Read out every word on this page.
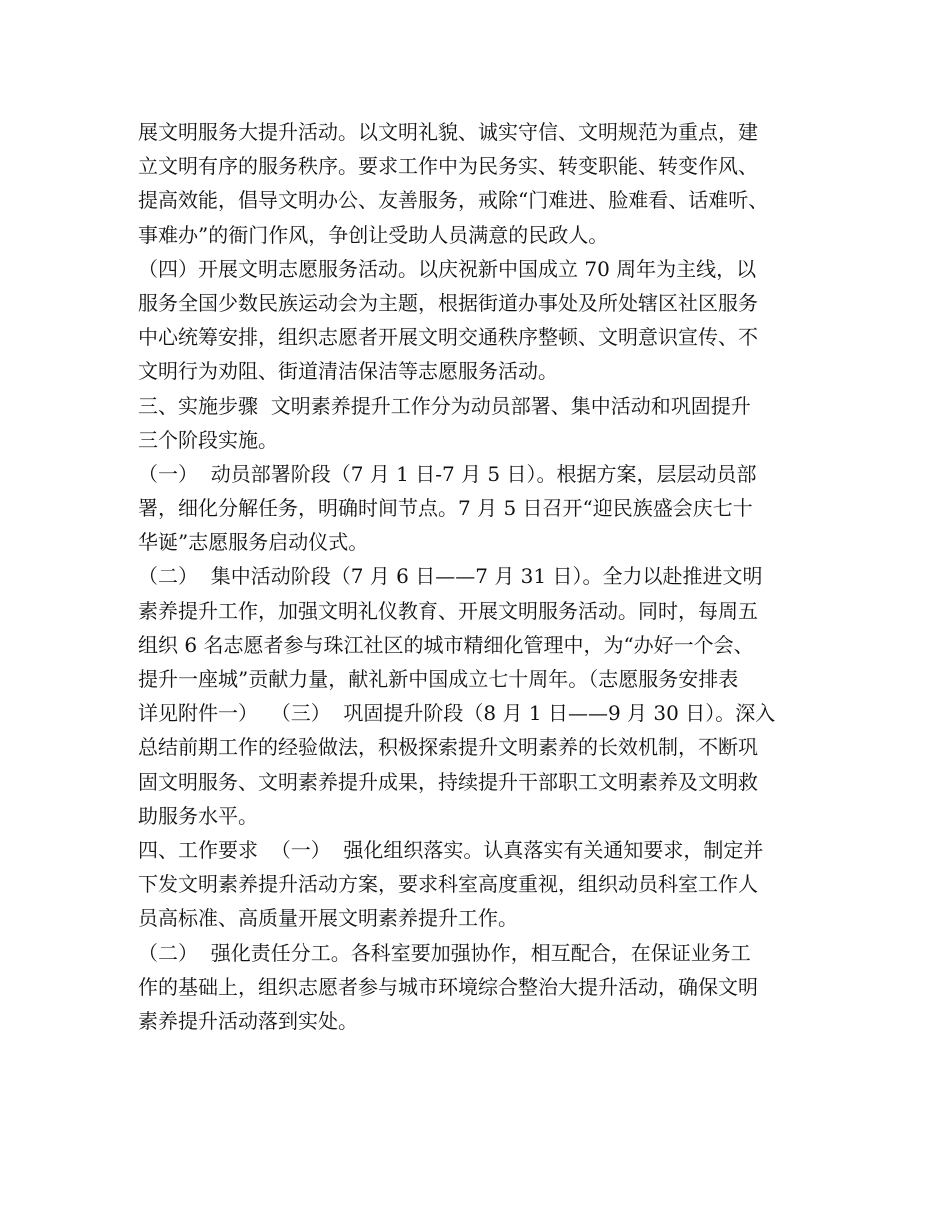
展文明服务大提升活动。以文明礼貌、诚实守信、文明规范为重点，建
立文明有序的服务秩序。要求工作中为民务实、转变职能、转变作风、
提高效能，倡导文明办公、友善服务，戒除“门难进、脸难看、话难听、
事难办”的衙门作风，争创让受助人员满意的民政人。
（四）开展文明志愿服务活动。以庆祝新中国成立 70 周年为主线，以
服务全国少数民族运动会为主题，根据街道办事处及所处辖区社区服务
中心统筹安排，组织志愿者开展文明交通秩序整顿、文明意识宣传、不
文明行为劝阻、街道清洁保洁等志愿服务活动。
三、实施步骤  文明素养提升工作分为动员部署、集中活动和巩固提升
三个阶段实施。
（一）  动员部署阶段（7 月 1 日-7 月 5 日）。根据方案，层层动员部
署，细化分解任务，明确时间节点。7 月 5 日召开“迎民族盛会庆七十
华诞”志愿服务启动仪式。
（二）  集中活动阶段（7 月 6 日——7 月 31 日）。全力以赴推进文明
素养提升工作，加强文明礼仪教育、开展文明服务活动。同时，每周五
组织 6 名志愿者参与珠江社区的城市精细化管理中，为“办好一个会、
提升一座城”贡献力量，献礼新中国成立七十周年。（志愿服务安排表
详见附件一）  （三）  巩固提升阶段（8 月 1 日——9 月 30 日）。深入
总结前期工作的经验做法，积极探索提升文明素养的长效机制，不断巩
固文明服务、文明素养提升成果，持续提升干部职工文明素养及文明救
助服务水平。
四、工作要求  （一）  强化组织落实。认真落实有关通知要求，制定并
下发文明素养提升活动方案，要求科室高度重视，组织动员科室工作人
员高标准、高质量开展文明素养提升工作。
（二）  强化责任分工。各科室要加强协作，相互配合，在保证业务工
作的基础上，组织志愿者参与城市环境综合整治大提升活动，确保文明
素养提升活动落到实处。
